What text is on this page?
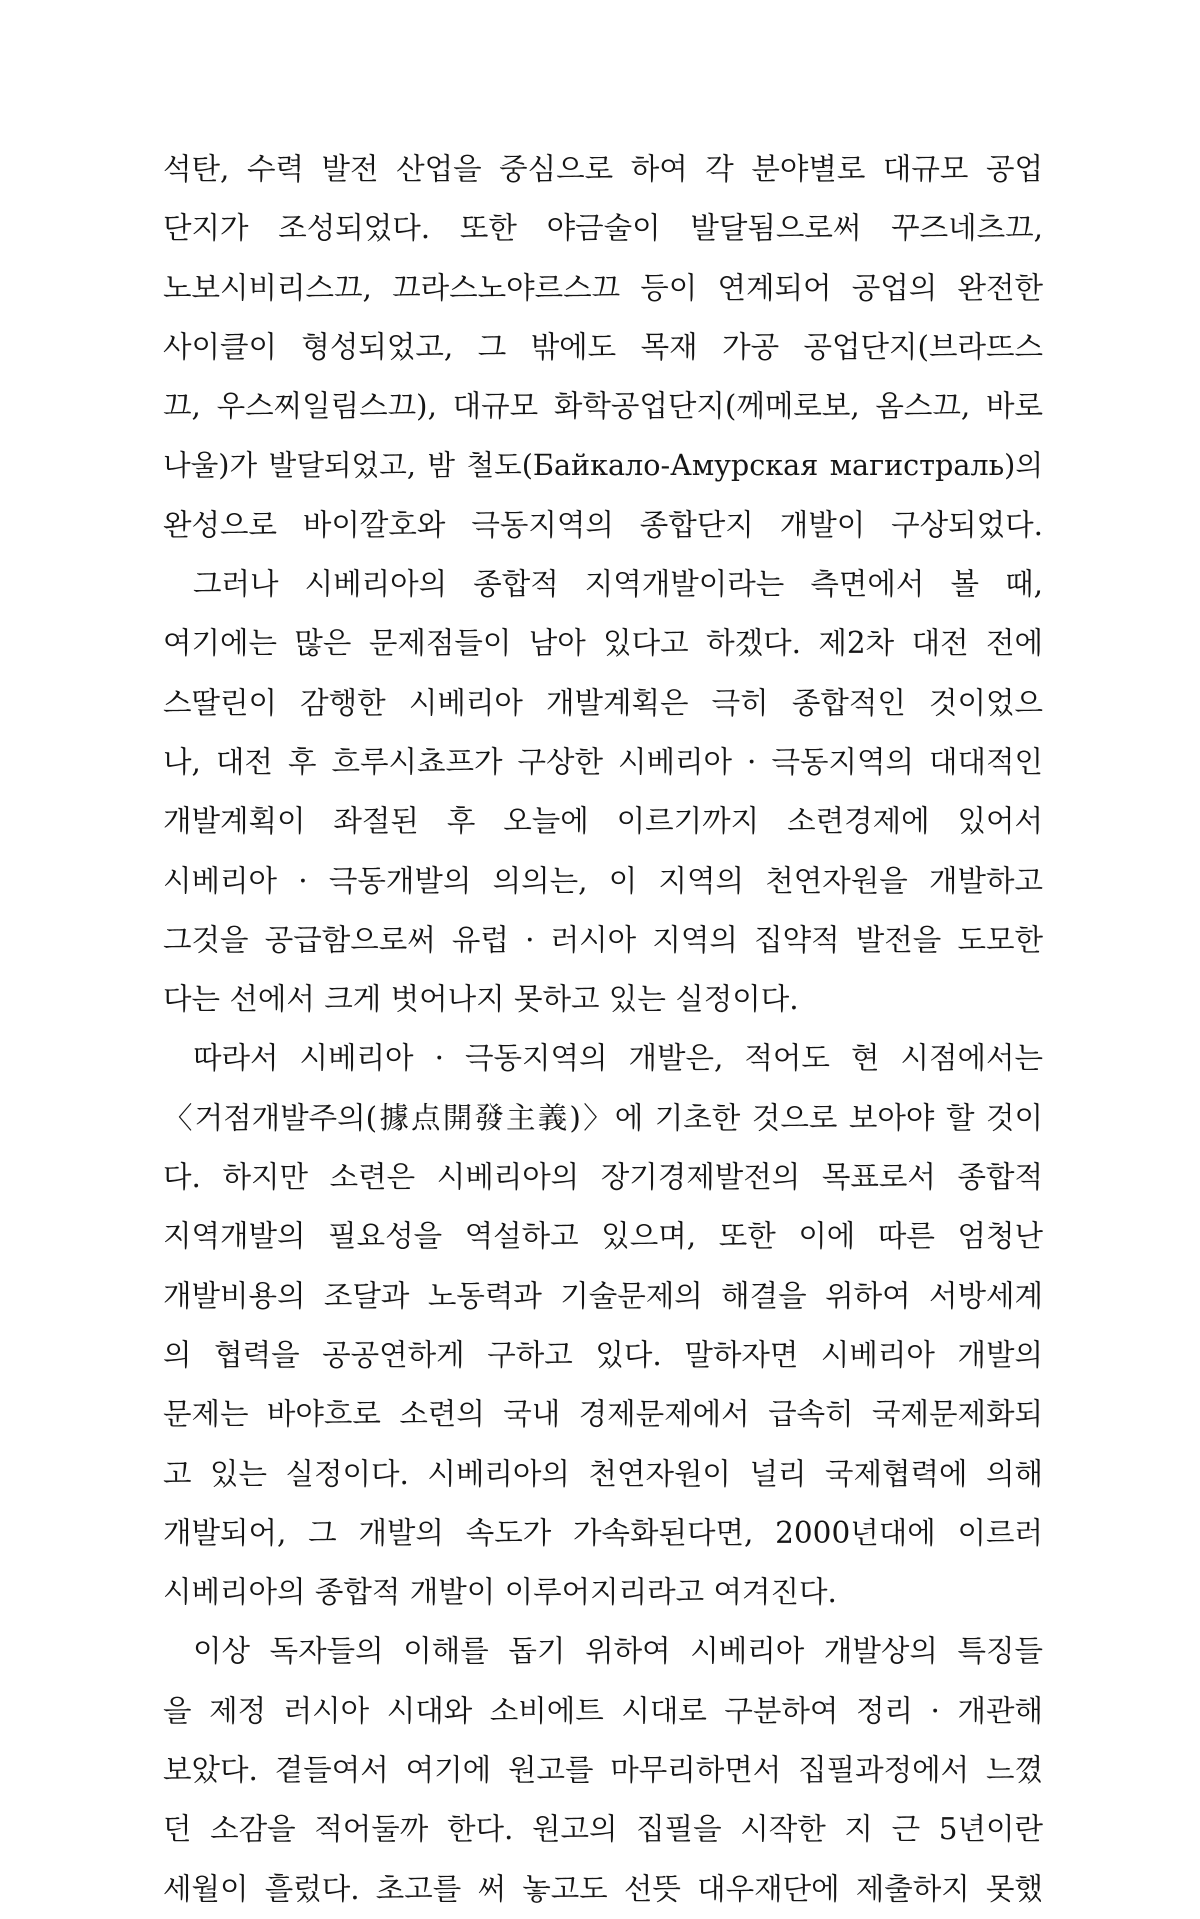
석탄, 수력 발전 산업을 중심으로 하여 각 분야별로 대규모 공업
단지가 조성되었다. 또한 야금술이 발달됨으로써 꾸즈네츠끄,
노보시비리스끄, 끄라스노야르스끄 등이 연계되어 공업의 완전한
사이클이 형성되었고, 그 밖에도 목재 가공 공업단지(브라뜨스
끄, 우스찌일림스끄), 대규모 화학공업단지(께메로보, 옴스끄, 바로
나울)가 발달되었고, 밤 철도(Байкало-Амурская магистраль)의
완성으로 바이깔호와 극동지역의 종합단지 개발이 구상되었다.
그러나 시베리아의 종합적 지역개발이라는 측면에서 볼 때,
여기에는 많은 문제점들이 남아 있다고 하겠다. 제2차 대전 전에
스딸린이 감행한 시베리아 개발계획은 극히 종합적인 것이었으
나, 대전 후 흐루시쵸프가 구상한 시베리아 · 극동지역의 대대적인
개발계획이 좌절된 후 오늘에 이르기까지 소련경제에 있어서
시베리아 · 극동개발의 의의는, 이 지역의 천연자원을 개발하고
그것을 공급함으로써 유럽 · 러시아 지역의 집약적 발전을 도모한
다는 선에서 크게 벗어나지 못하고 있는 실정이다.
따라서 시베리아 · 극동지역의 개발은, 적어도 현 시점에서는
〈거점개발주의(據点開發主義)〉에 기초한 것으로 보아야 할 것이
다. 하지만 소련은 시베리아의 장기경제발전의 목표로서 종합적
지역개발의 필요성을 역설하고 있으며, 또한 이에 따른 엄청난
개발비용의 조달과 노동력과 기술문제의 해결을 위하여 서방세계
의 협력을 공공연하게 구하고 있다. 말하자면 시베리아 개발의
문제는 바야흐로 소련의 국내 경제문제에서 급속히 국제문제화되
고 있는 실정이다. 시베리아의 천연자원이 널리 국제협력에 의해
개발되어, 그 개발의 속도가 가속화된다면, 2000년대에 이르러
시베리아의 종합적 개발이 이루어지리라고 여겨진다.
이상 독자들의 이해를 돕기 위하여 시베리아 개발상의 특징들
을 제정 러시아 시대와 소비에트 시대로 구분하여 정리 · 개관해
보았다. 곁들여서 여기에 원고를 마무리하면서 집필과정에서 느꼈
던 소감을 적어둘까 한다. 원고의 집필을 시작한 지 근 5년이란
세월이 흘렀다. 초고를 써 놓고도 선뜻 대우재단에 제출하지 못했
